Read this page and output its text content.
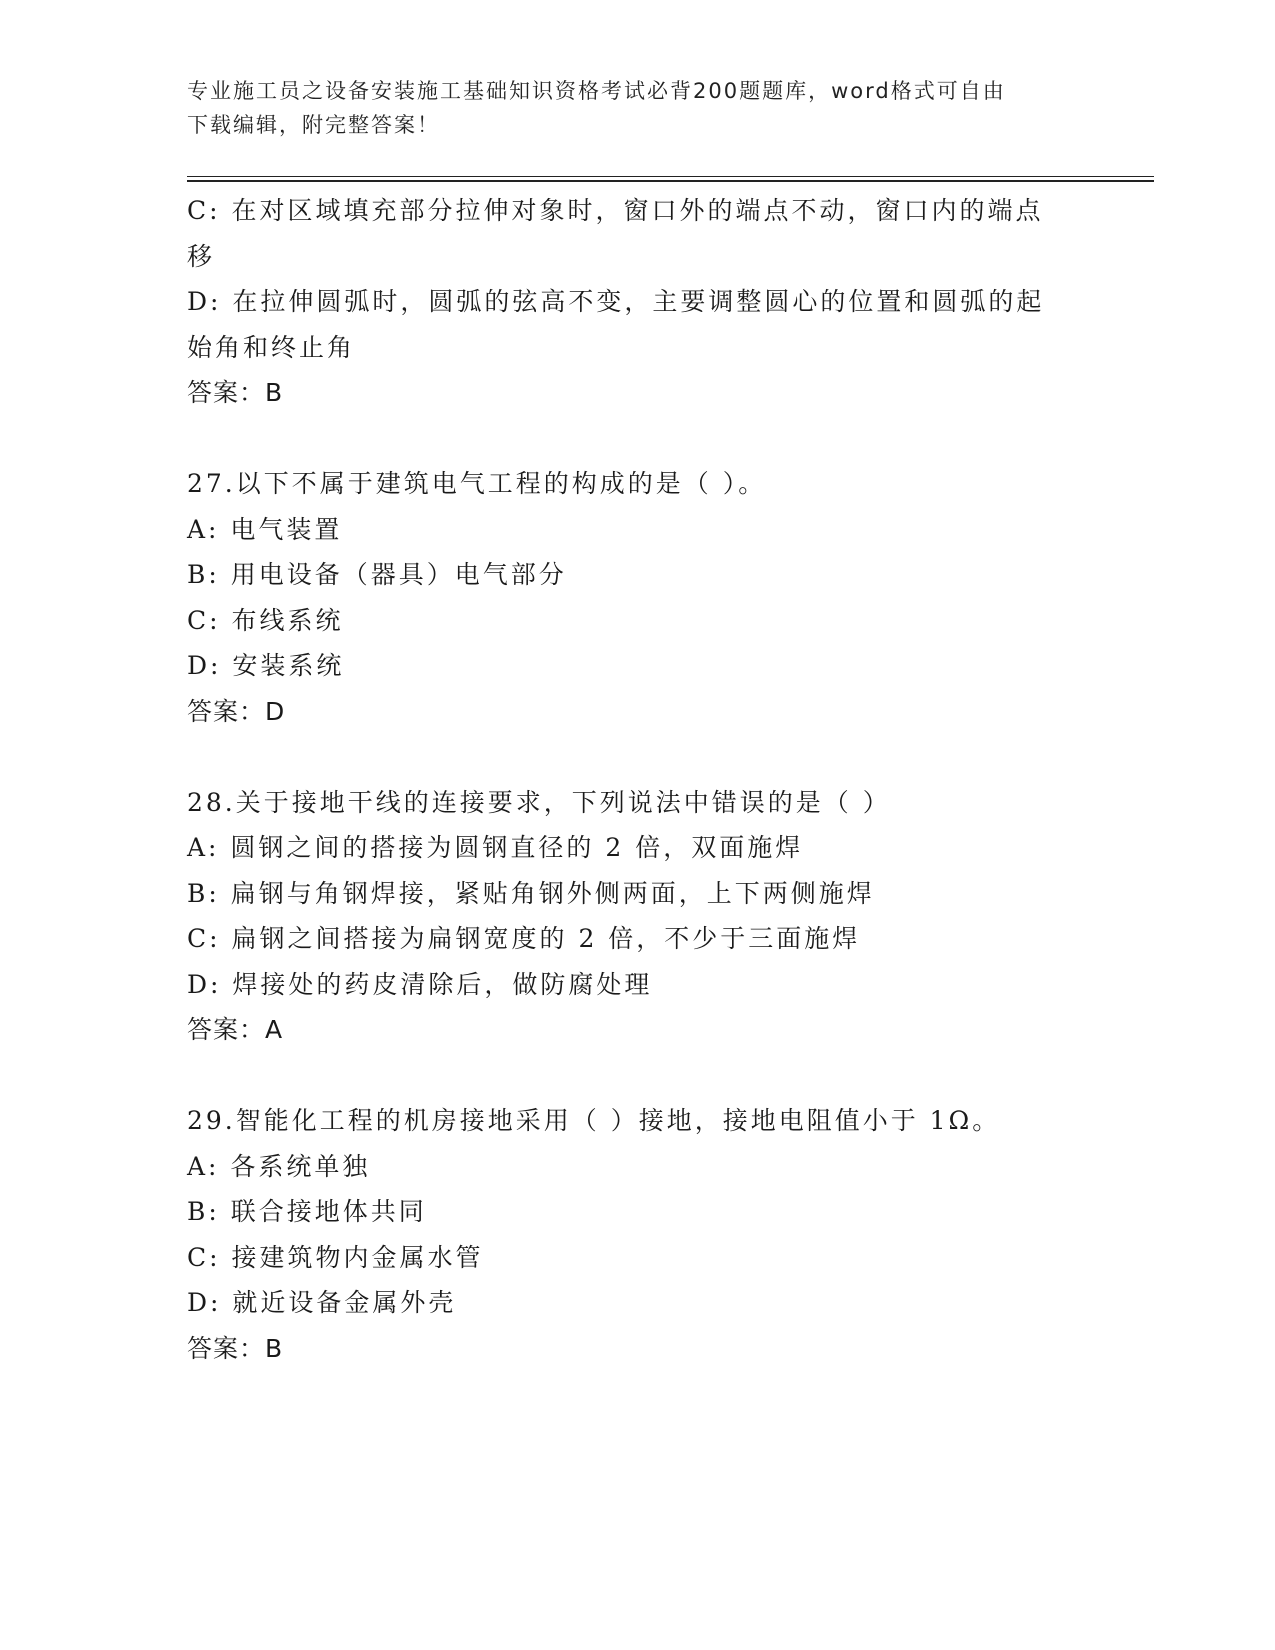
专业施工员之设备安装施工基础知识资格考试必背200题题库，word格式可自由
下载编辑，附完整答案！
C: 在对区域填充部分拉伸对象时，窗口外的端点不动，窗口内的端点
移
D: 在拉伸圆弧时，圆弧的弦高不变，主要调整圆心的位置和圆弧的起
始角和终止角
答案：B
27.以下不属于建筑电气工程的构成的是（ ）。
A: 电气装置
B: 用电设备（器具）电气部分
C: 布线系统
D: 安装系统
答案：D
28.关于接地干线的连接要求，下列说法中错误的是（ ）
A: 圆钢之间的搭接为圆钢直径的 2 倍，双面施焊
B: 扁钢与角钢焊接，紧贴角钢外侧两面，上下两侧施焊
C: 扁钢之间搭接为扁钢宽度的 2 倍，不少于三面施焊
D: 焊接处的药皮清除后，做防腐处理
答案：A
29.智能化工程的机房接地采用（ ）接地，接地电阻值小于 1Ω。
A: 各系统单独
B: 联合接地体共同
C: 接建筑物内金属水管
D: 就近设备金属外壳
答案：B
